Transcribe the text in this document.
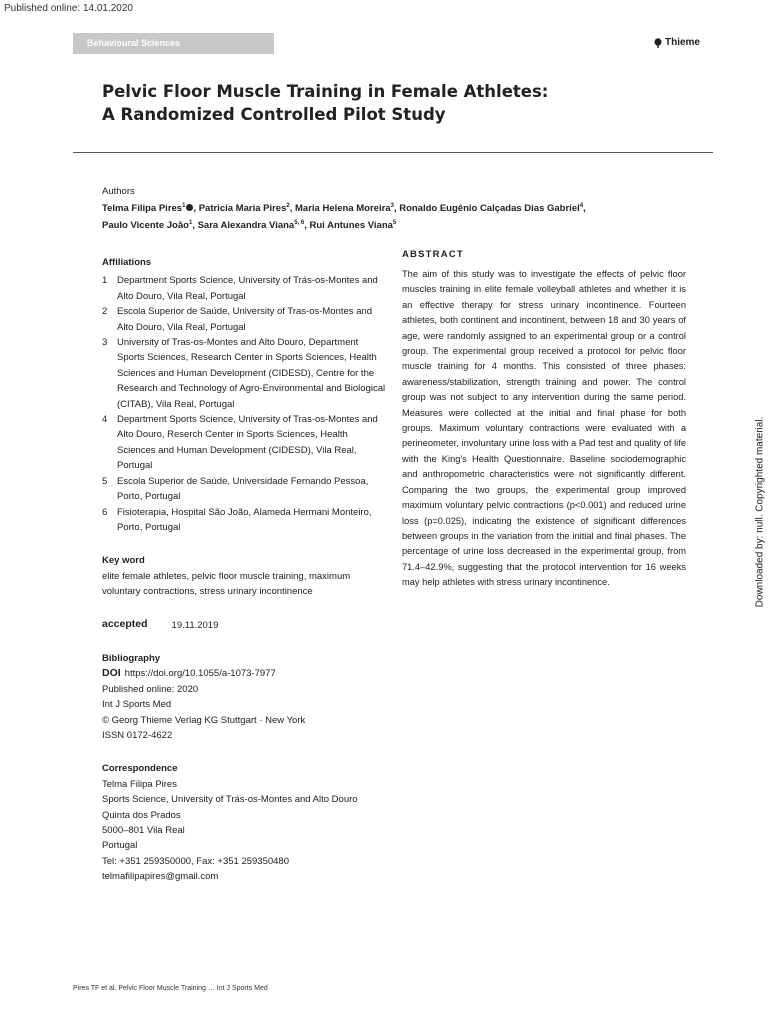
Published online: 14.01.2020
Behavioural Sciences	Thieme
Pelvic Floor Muscle Training in Female Athletes:
A Randomized Controlled Pilot Study
Authors
Telma Filipa Pires$^1$ , Patricia Maria Pires$^2$, Maria Helena Moreira$^3$, Ronaldo Eugênio Calçadas Dias Gabriel$^4$,
Paulo Vicente João$^1$, Sara Alexandra Viana$^{5, 6}$, Rui Antunes Viana$^5$
Affiliations
1	Department Sports Science, University of Trás-os-Montes and Alto Douro, Vila Real, Portugal
2	Escola Superior de Saúde, University of Tras-os-Montes and Alto Douro, Vila Real, Portugal
3	University of Tras-os-Montes and Alto Douro, Department Sports Sciences, Research Center in Sports Sciences, Health Sciences and Human Development (CIDESD), Centre for the Research and Technology of Agro-Environmental and Biological (CITAB), Vila Real, Portugal
4	Department Sports Science, University of Tras-os-Montes and Alto Douro, Reserch Center in Sports Sciences, Health Sciences and Human Development (CIDESD), Vila Real, Portugal
5	Escola Superior de Saúde, Universidade Fernando Pessoa, Porto, Portugal
6	Fisioterapia, Hospital São João, Alameda Hermani Monteiro, Porto, Portugal
Key word
elite female athletes, pelvic floor muscle training, maximum voluntary contractions, stress urinary incontinence
accepted	19.11.2019
Bibliography
DOI https://doi.org/10.1055/a-1073-7977
Published online: 2020
Int J Sports Med
© Georg Thieme Verlag KG Stuttgart · New York
ISSN 0172-4622
Correspondence
Telma Filipa Pires
Sports Science, University of Trás-os-Montes and Alto Douro
Quinta dos Prados
5000–801 Vila Real
Portugal
Tel: +351 259350000, Fax: +351 259350480
telmafilipapires@gmail.com
ABSTRACT

The aim of this study was to investigate the effects of pelvic floor muscles training in elite female volleyball athletes and whether it is an effective therapy for stress urinary incontinence. Fourteen athletes, both continent and incontinent, between 18 and 30 years of age, were randomly assigned to an experimental group or a control group. The experimental group received a protocol for pelvic floor muscle training for 4 months. This consisted of three phases: awareness/stabilization, strength training and power. The control group was not subject to any intervention during the same period. Measures were collected at the initial and final phase for both groups. Maximum voluntary contractions were evaluated with a perineometer, involuntary urine loss with a Pad test and quality of life with the King's Health Questionnaire. Baseline sociodemographic and anthropometric characteristics were not significantly different. Comparing the two groups, the experimental group improved maximum voluntary pelvic contractions (p<0.001) and reduced urine loss (p=0.025), indicating the existence of significant differences between groups in the variation from the initial and final phases. The percentage of urine loss decreased in the experimental group, from 71.4–42.9%, suggesting that the protocol intervention for 16 weeks may help athletes with stress urinary incontinence.	Downloaded by: null. Copyrighted material.
Pires TF et al. Pelvic Floor Muscle Training … Int J Sports Med
